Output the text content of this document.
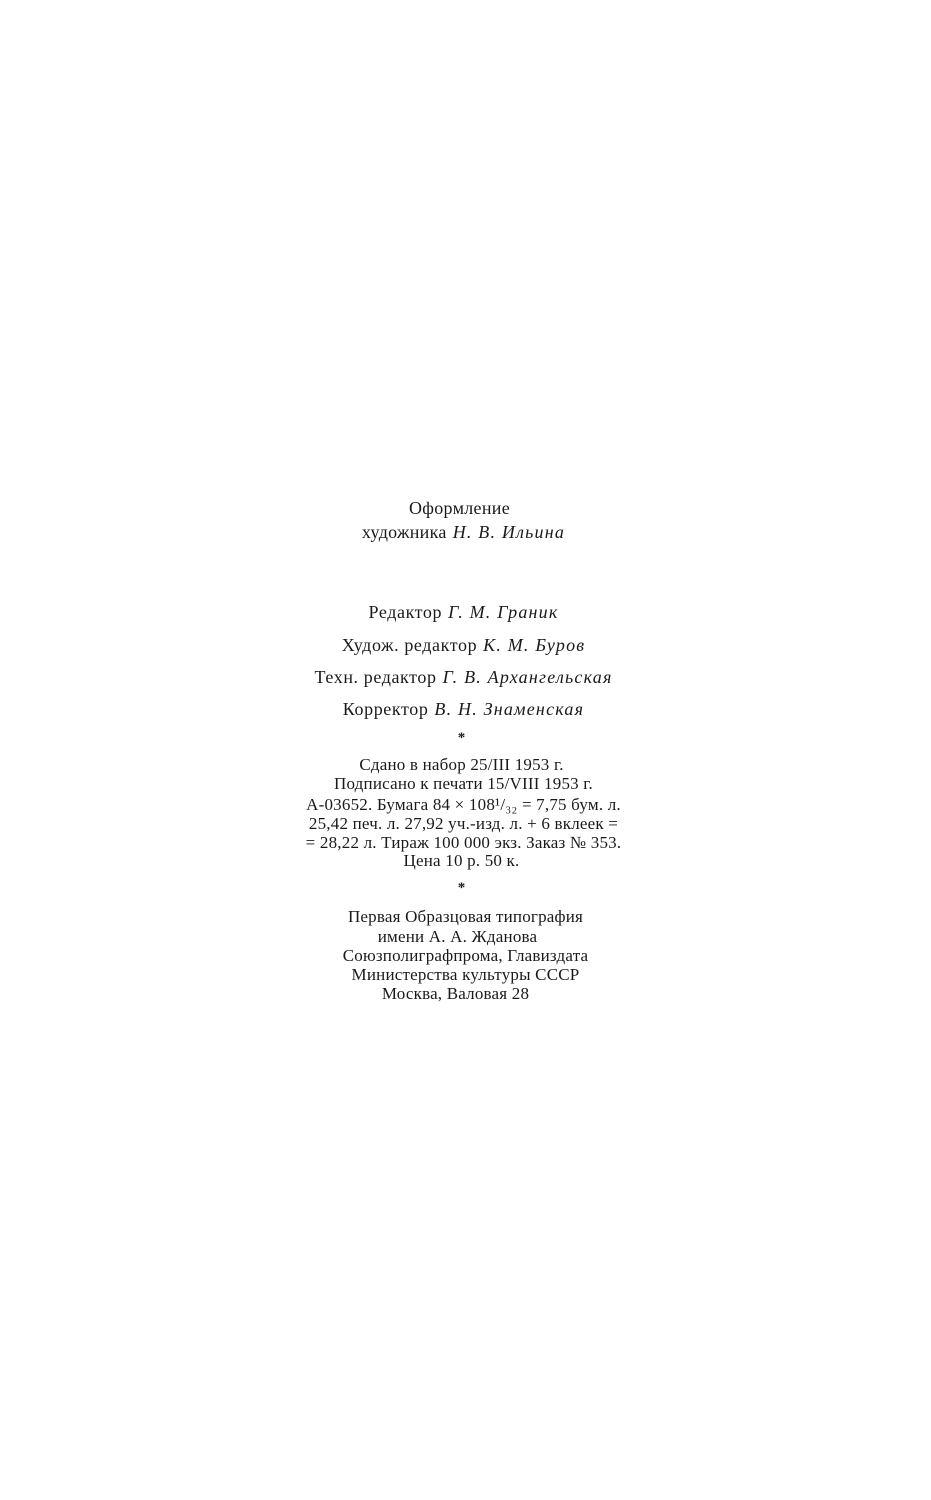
Оформление
художника Н. В. Ильина
Редактор Г. М. Граник
Худож. редактор К. М. Буров
Техн. редактор Г. В. Архангельская
Корректор В. Н. Знаменская
*
Сдано в набор 25/III 1953 г.
Подписано к печати 15/VIII 1953 г.
А-03652. Бумага 84 × 108¹/₃₂ = 7,75 бум. л.
25,42 печ. л. 27,92 уч.-изд. л. + 6 вклеек =
= 28,22 л. Тираж 100 000 экз. Заказ № 353.
Цена 10 р. 50 к.
*
Первая Образцовая типография
имени А. А. Жданова
Союзполиграфпрома, Главиздата
Министерства культуры СССР
Москва, Валовая 28
